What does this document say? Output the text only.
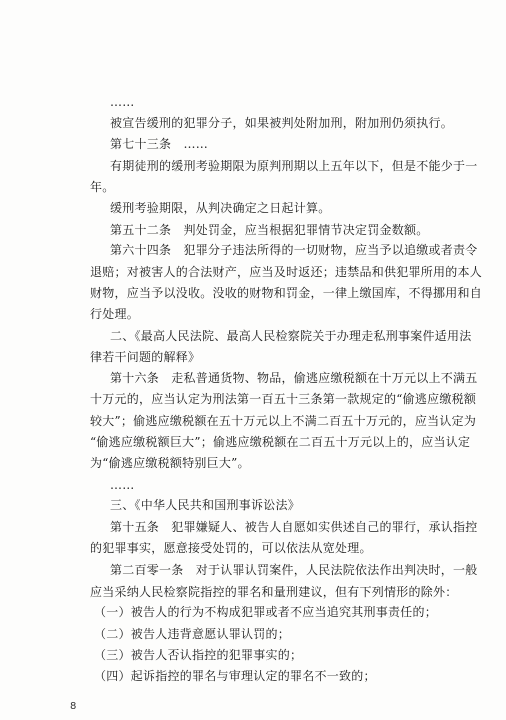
……
被宣告缓刑的犯罪分子，如果被判处附加刑，附加刑仍须执行。
第七十三条　……
有期徒刑的缓刑考验期限为原判刑期以上五年以下，但是不能少于一
年。
缓刑考验期限，从判决确定之日起计算。
第五十二条　判处罚金，应当根据犯罪情节决定罚金数额。
第六十四条　犯罪分子违法所得的一切财物，应当予以追缴或者责令
退赔；对被害人的合法财产，应当及时返还；违禁品和供犯罪所用的本人
财物，应当予以没收。没收的财物和罚金，一律上缴国库，不得挪用和自
行处理。
二、《最高人民法院、最高人民检察院关于办理走私刑事案件适用法
律若干问题的解释》
第十六条　走私普通货物、物品，偷逃应缴税额在十万元以上不满五
十万元的，应当认定为刑法第一百五十三条第一款规定的“偷逃应缴税额
较大”；偷逃应缴税额在五十万元以上不满二百五十万元的，应当认定为
“偷逃应缴税额巨大”；偷逃应缴税额在二百五十万元以上的，应当认定
为“偷逃应缴税额特别巨大”。
……
三、《中华人民共和国刑事诉讼法》
第十五条　犯罪嫌疑人、被告人自愿如实供述自己的罪行，承认指控
的犯罪事实，愿意接受处罚的，可以依法从宽处理。
第二百零一条　对于认罪认罚案件，人民法院依法作出判决时，一般
应当采纳人民检察院指控的罪名和量刑建议，但有下列情形的除外：
（一）被告人的行为不构成犯罪或者不应当追究其刑事责任的；
（二）被告人违背意愿认罪认罚的；
（三）被告人否认指控的犯罪事实的；
（四）起诉指控的罪名与审理认定的罪名不一致的；
8
